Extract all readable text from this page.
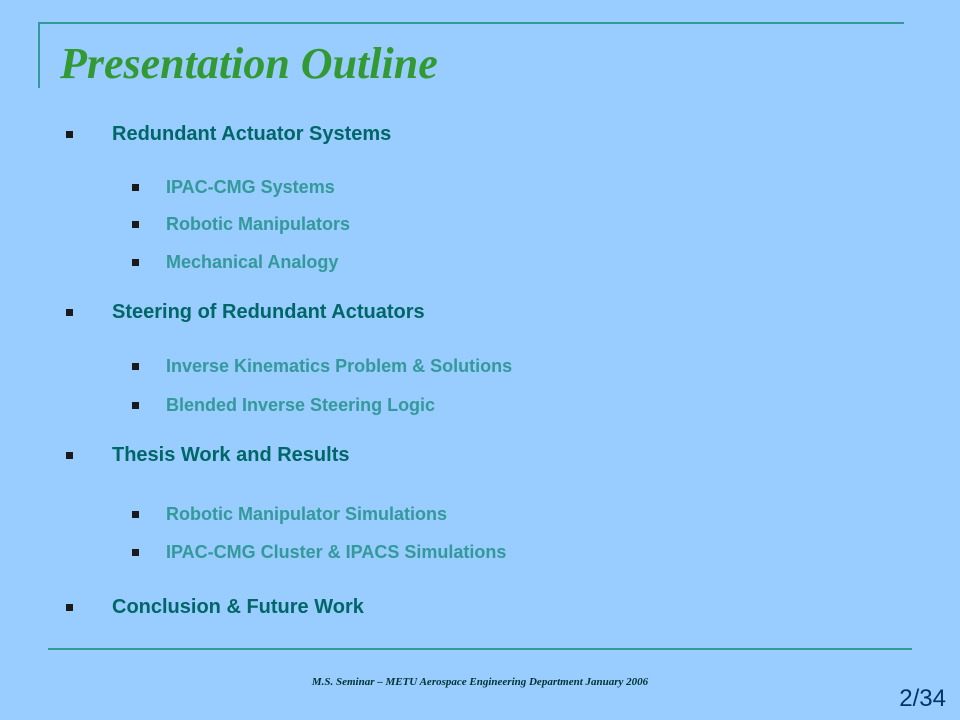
Presentation Outline
Redundant Actuator Systems
IPAC-CMG Systems
Robotic Manipulators
Mechanical Analogy
Steering of Redundant Actuators
Inverse Kinematics Problem & Solutions
Blended Inverse Steering Logic
Thesis Work and Results
Robotic Manipulator Simulations
IPAC-CMG Cluster & IPACS Simulations
Conclusion & Future Work
M.S. Seminar – METU Aerospace Engineering Department January 2006
2/34
